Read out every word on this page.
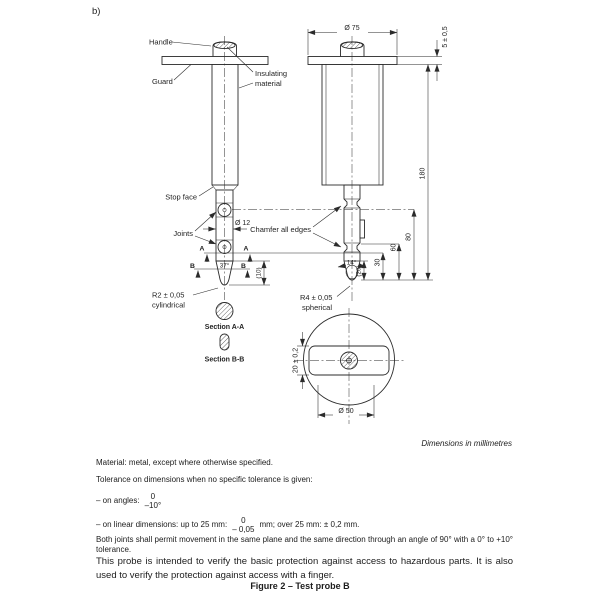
b)
Section A-A
Section B-B
Ø 75	5 ± 0,5
Ø 12
A	A
B	B
37°
(10)
14°
(20)
30
60
80
180
20 ± 0,2
Ø 50
Handle
Guard
Insulating
material
Stop face
Joints	Chamfer all edges
R2 ± 0,05
cylindrical
R4 ± 0,05
spherical
Dimensions in millimetres

Material: metal, except where otherwise specified.

Tolerance on dimensions when no specific tolerance is given:

– on angles: 0
–10°
– on linear dimensions: up to 25 mm: 0
– 0,05
mm; over 25 mm: ± 0,2 mm.

Both joints shall permit movement in the same plane and the same direction through an angle of 90° with a 0° to +10° tolerance.

This probe is intended to verify the basic protection against access to hazardous parts. It is also used to verify the protection against access with a finger.

Figure 2 – Test probe B
